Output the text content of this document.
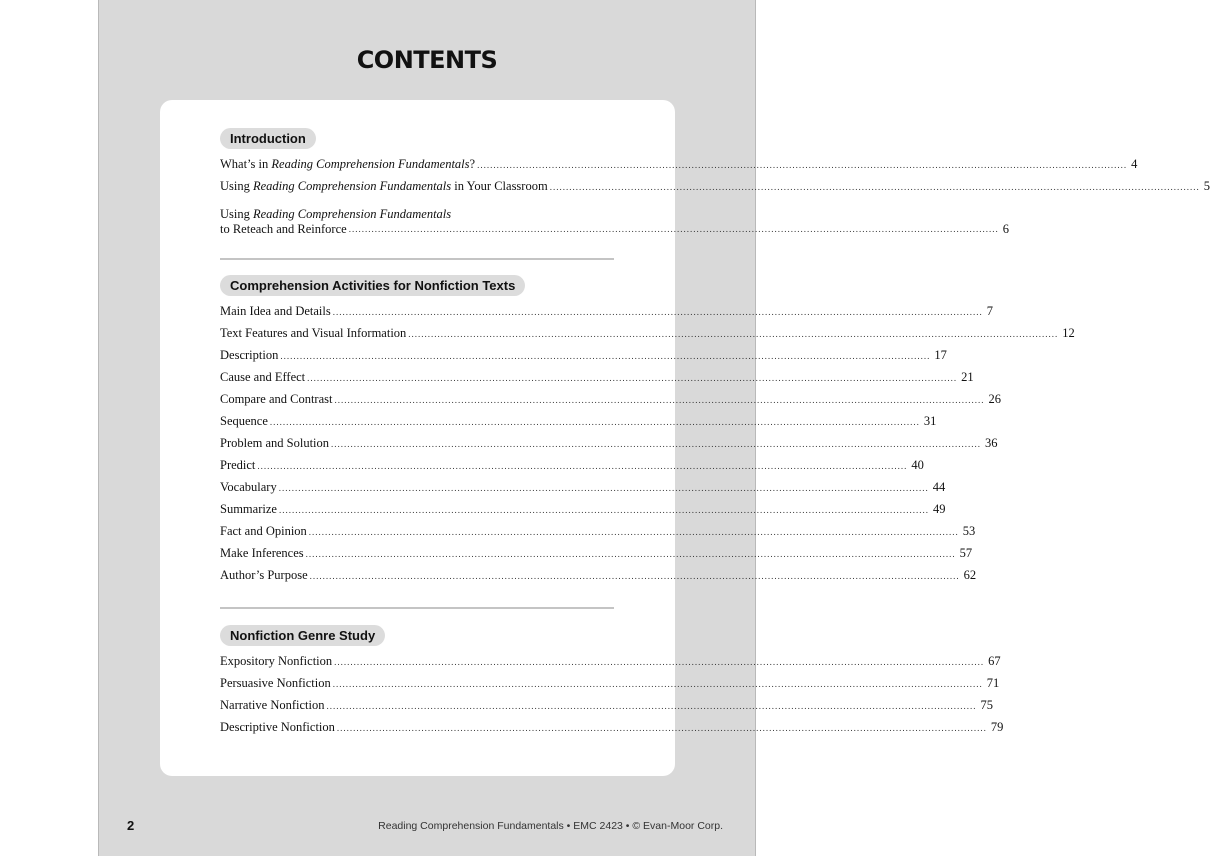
CONTENTS
Introduction
What’s in Reading Comprehension Fundamentals? ........................................................................................................................................................................................................ 4
Using Reading Comprehension Fundamentals in Your Classroom ........................................................................................................................................................................................................ 5
Using Reading Comprehension Fundamentals
to Reteach and Reinforce ........................................................................................................................................................................................................ 6
Comprehension Activities for Nonfiction Texts
Main Idea and Details ........................................................................................................................................................................................................ 7
Text Features and Visual Information ........................................................................................................................................................................................................ 12
Description ........................................................................................................................................................................................................ 17
Cause and Effect ........................................................................................................................................................................................................ 21
Compare and Contrast ........................................................................................................................................................................................................ 26
Sequence ........................................................................................................................................................................................................ 31
Problem and Solution ........................................................................................................................................................................................................ 36
Predict ........................................................................................................................................................................................................ 40
Vocabulary ........................................................................................................................................................................................................ 44
Summarize ........................................................................................................................................................................................................ 49
Fact and Opinion ........................................................................................................................................................................................................ 53
Make Inferences ........................................................................................................................................................................................................ 57
Author’s Purpose ........................................................................................................................................................................................................ 62
Nonfiction Genre Study
Expository Nonfiction ........................................................................................................................................................................................................ 67
Persuasive Nonfiction ........................................................................................................................................................................................................ 71
Narrative Nonfiction ........................................................................................................................................................................................................ 75
Descriptive Nonfiction ........................................................................................................................................................................................................ 79
2	Reading Comprehension Fundamentals • EMC 2423 • © Evan-Moor Corp.
